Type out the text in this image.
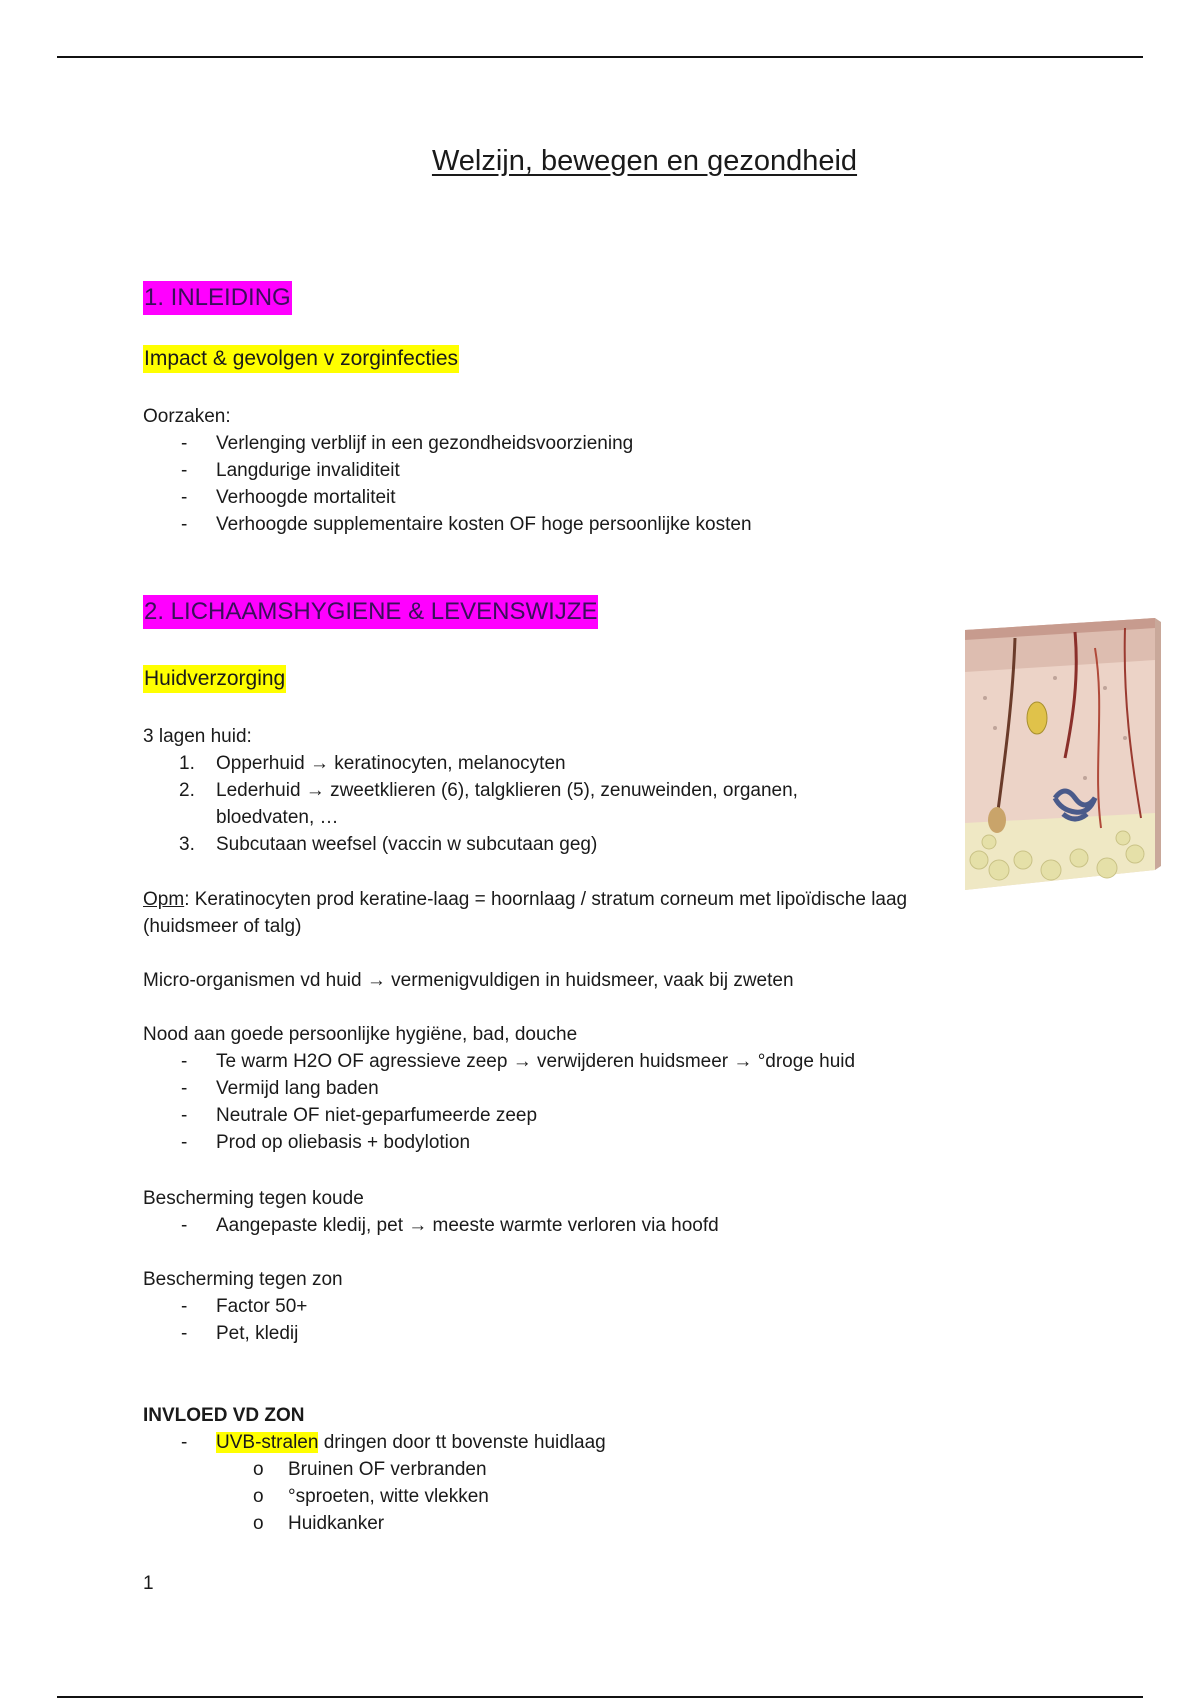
Welzijn, bewegen en gezondheid
1. INLEIDING
Impact & gevolgen v zorginfecties
Oorzaken:
- Verlenging verblijf in een gezondheidsvoorziening
- Langdurige invaliditeit
- Verhoogde mortaliteit
- Verhoogde supplementaire kosten OF hoge persoonlijke kosten
2. LICHAAMSHYGIENE & LEVENSWIJZE
Huidverzorging
3 lagen huid:
1. Opperhuid → keratinocyten, melanocyten
2. Lederhuid → zweetklieren (6), talgklieren (5), zenuweinden, organen, bloedvaten, …
3. Subcutaan weefsel (vaccin w subcutaan geg)
Opm: Keratinocyten prod keratine-laag = hoornlaag / stratum corneum met lipoïdische laag (huidsmeer of talg)
Micro-organismen vd huid → vermenigvuldigen in huidsmeer, vaak bij zweten
Nood aan goede persoonlijke hygiëne, bad, douche
- Te warm H2O OF agressieve zeep → verwijderen huidsmeer → °droge huid
- Vermijd lang baden
- Neutrale OF niet-geparfumeerde zeep
- Prod op oliebasis + bodylotion
Bescherming tegen koude
- Aangepaste kledij, pet → meeste warmte verloren via hoofd
Bescherming tegen zon
- Factor 50+
- Pet, kledij
INVLOED VD ZON
- UVB-stralen dringen door tt bovenste huidlaag
o Bruinen OF verbranden
o °sproeten, witte vlekken
o Huidkanker
1
